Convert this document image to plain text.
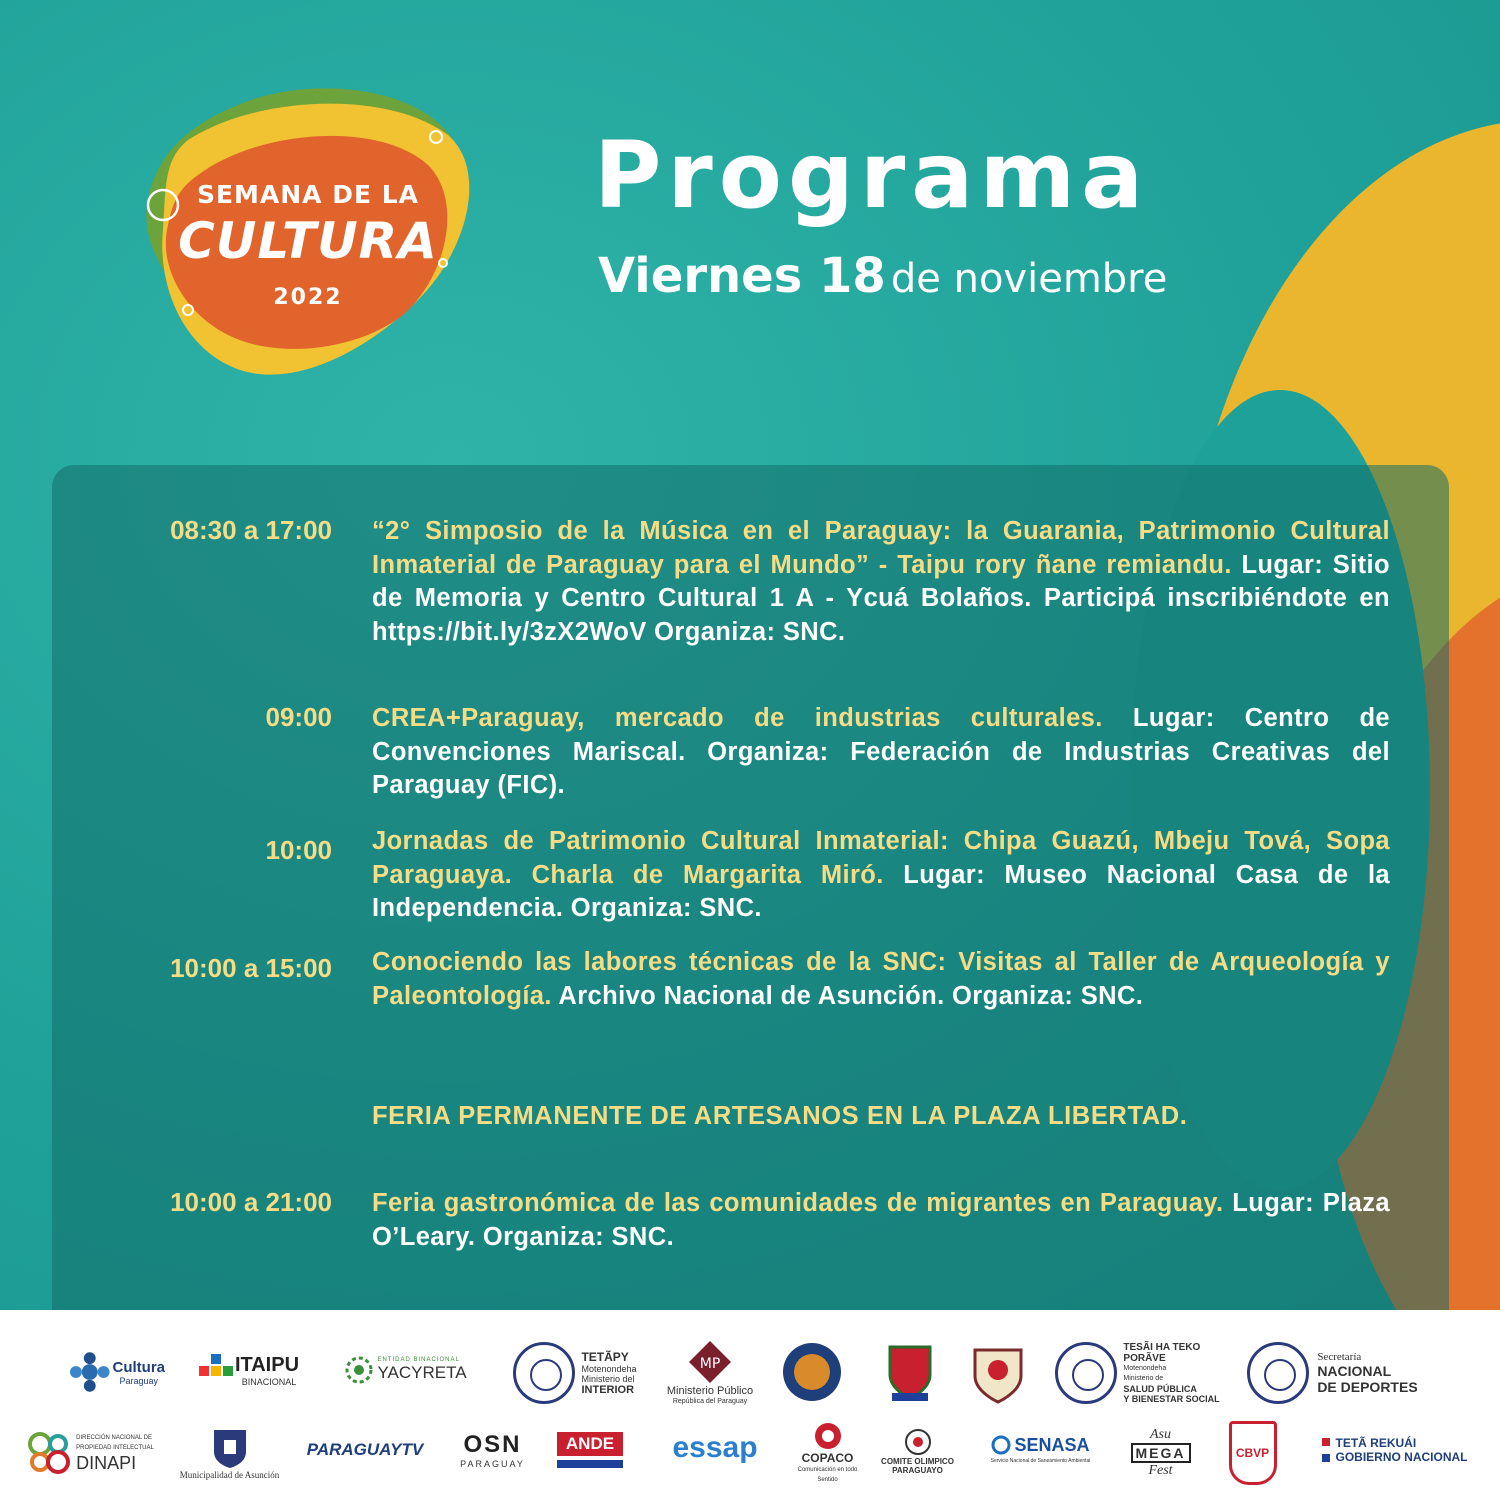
SEMANA DE LA
CULTURA
2022
Programa
Viernes 18 de noviembre
08:30 a 17:00 “2° Simposio de la Música en el Paraguay: la Guarania, Patrimonio Cultural Inmaterial de Paraguay para el Mundo” - Taipu rory ñane remiandu. Lugar: Sitio de Memoria y Centro Cultural 1 A - Ycuá Bolaños. Participá inscribiéndote en https://bit.ly/3zX2WoV Organiza: SNC.
09:00 CREA+Paraguay, mercado de industrias culturales. Lugar: Centro de Convenciones Mariscal. Organiza: Federación de Industrias Creativas del Paraguay (FIC).
10:00 Jornadas de Patrimonio Cultural Inmaterial: Chipa Guazú, Mbeju Tová, Sopa Paraguaya. Charla de Margarita Miró. Lugar: Museo Nacional Casa de la Independencia. Organiza: SNC.
10:00 a 15:00 Conociendo las labores técnicas de la SNC: Visitas al Taller de Arqueología y Paleontología. Archivo Nacional de Asunción. Organiza: SNC.
FERIA PERMANENTE DE ARTESANOS EN LA PLAZA LIBERTAD.
10:00 a 21:00 Feria gastronómica de las comunidades de migrantes en Paraguay. Lugar: Plaza O’Leary. Organiza: SNC.
Cultura
Paraguay
ITAIPU
BINACIONAL
ENTIDAD BINACIONAL
YACYRETA
TETÃPY
Motenondeha
Ministerio del
INTERIOR
MP
Ministerio Público
República del Paraguay
TESÃI HA TEKO
PORÃVE
Motenondeha
Ministerio de
SALUD PÚBLICA
Y BIENESTAR SOCIAL
Secretaría
NACIONAL
DE DEPORTES
DIRECCIÓN NACIONAL DE
PROPIEDAD INTELECTUAL
DINAPI
Municipalidad de Asunción
PARAGUAYTV OSN
PARAGUAY
ANDE essap	COPACO
Comunicación en todo Sentido
COMITE OLIMPICO
PARAGUAYO
SENASA
Servicio Nacional de Saneamiento Ambiental
Asu
MEGA
Fest
CBVP
TETÃ REKUÁI
GOBIERNO NACIONAL
